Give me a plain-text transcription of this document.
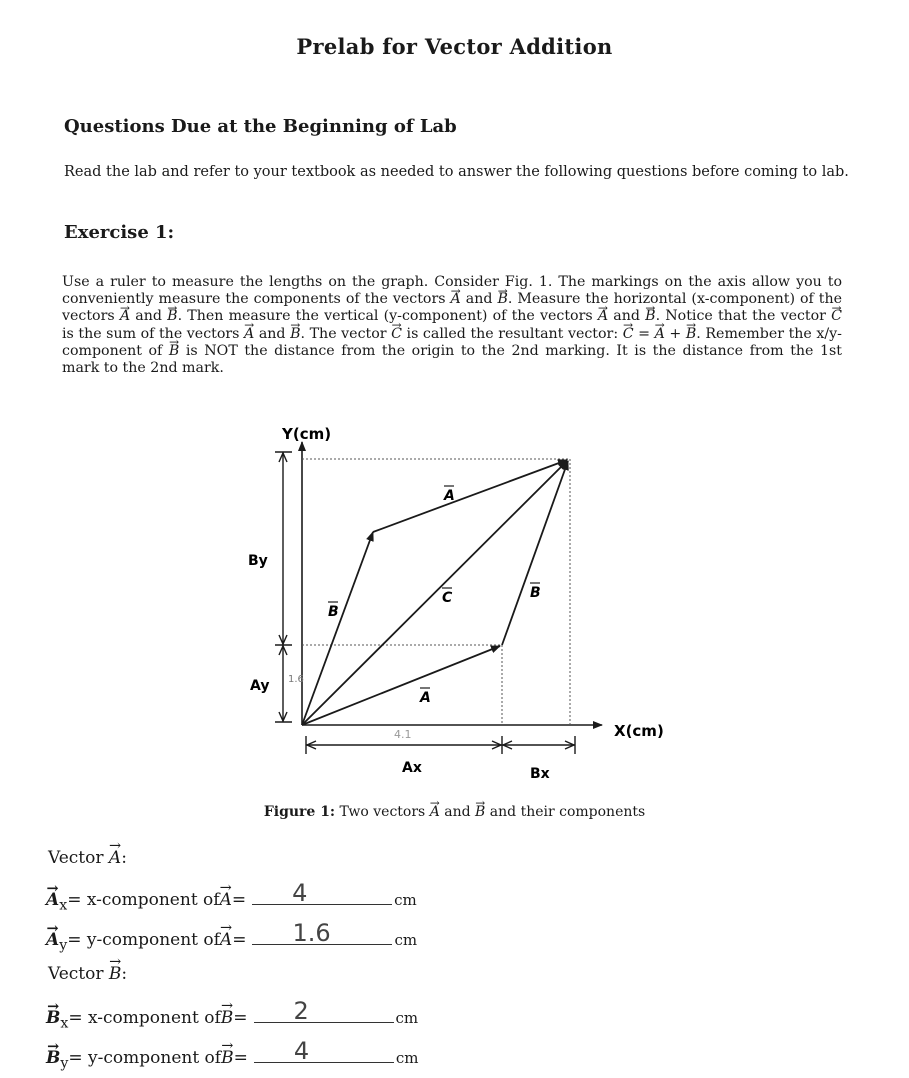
Prelab for Vector Addition
Questions Due at the Beginning of Lab
Read the lab and refer to your textbook as needed to answer the following questions before coming to lab.
Exercise 1:
Use a ruler to measure the lengths on the graph. Consider Fig. 1. The markings on the axis allow you to conveniently measure the components of the vectors → A and → B. Measure the horizontal (x-component) of the vectors → A and → B. Then measure the vertical (y-component) of the vectors → A and → B. Notice that the vector → C is the sum of the vectors → A and → B. The vector → C is called the resultant vector: → C = → A + → B. Remember the x/y-component of → B is NOT the distance from the origin to the 2nd marking. It is the distance from the 1st mark to the 2nd mark.
Y(cm)
X(cm)
A
B
C	B
A
By
Ay 1.6
4.1
Ax	Bx
Figure 1: Two vectors → A and → B and their components
Vector → A:
→ $A_x$ = x-component of → A = 4	cm
→ $A_y$ = y-component of → A = 1.6	cm
Vector → B:
→ $B_x$ = x-component of → B = 2	cm
→ $B_y$ = y-component of → B = 4	cm
